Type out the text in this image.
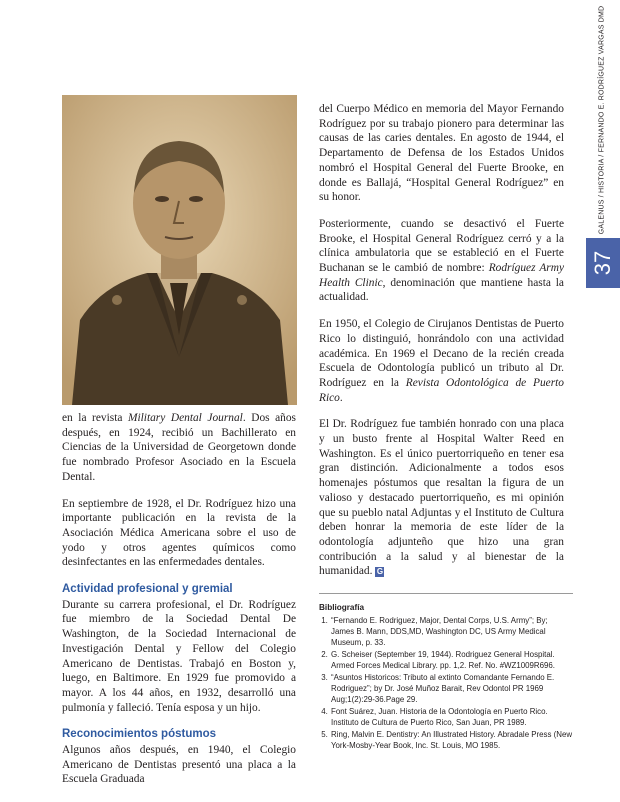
GALENUS / HISTORIA / FERNANDO E. RODRÍGUEZ VARGAS DMD
37

en la revista Military Dental Journal. Dos años después, en 1924, recibió un Bachillerato en Ciencias de la Universidad de Georgetown donde fue nombrado Profesor Asociado en la Escuela Dental.

En septiembre de 1928, el Dr. Rodríguez hizo una importante publicación en la revista de la Asociación Médica Americana sobre el uso de yodo y otros agentes químicos como desinfectantes en las enfermedades dentales.

Actividad profesional y gremial

Durante su carrera profesional, el Dr. Rodríguez fue miembro de la Sociedad Dental De Washington, de la Sociedad Internacional de Investigación Dental y Fellow del Colegio Americano de Dentistas. Trabajó en Boston y, luego, en Baltimore. En 1929 fue promovido a mayor. A los 44 años, en 1932, desarrolló una pulmonía y falleció. Tenía esposa y un hijo.

Reconocimientos póstumos

Algunos años después, en 1940, el Colegio Americano de Dentistas presentó una placa a la Escuela Graduada

del Cuerpo Médico en memoria del Mayor Fernando Rodríguez por su trabajo pionero para determinar las causas de las caries dentales. En agosto de 1944, el Departamento de Defensa de los Estados Unidos nombró el Hospital General del Fuerte Brooke, en donde es Ballajá, “Hospital General Rodríguez” en su honor.

Posteriormente, cuando se desactivó el Fuerte Brooke, el Hospital General Rodríguez cerró y a la clínica ambulatoria que se estableció en el Fuerte Buchanan se le cambió de nombre: Rodríguez Army Health Clinic, denominación que mantiene hasta la actualidad.

En 1950, el Colegio de Cirujanos Dentistas de Puerto Rico lo distinguió, honrándolo con una actividad académica. En 1969 el Decano de la recién creada Escuela de Odontología publicó un tributo al Dr. Rodríguez en la Revista Odontológica de Puerto Rico.

El Dr. Rodríguez fue también honrado con una placa y un busto frente al Hospital Walter Reed en Washington. Es el único puertorriqueño en tener esa gran distinción. Adicionalmente a todos esos homenajes póstumos que resaltan la figura de un valioso y destacado puertorriqueño, es mi opinión que su pueblo natal Adjuntas y el Instituto de Cultura deben honrar la memoria de este líder de la odontología adjunteño que hizo una gran contribución a la salud y al bienestar de la humanidad. G

Bibliografía
1. “Fernando E. Rodriguez, Major, Dental Corps, U.S. Army”; By; James B. Mann, DDS,MD, Washington DC, US Army Medical Museum, p. 33.
2. G. Scheiser (September 19, 1944). Rodriguez General Hospital. Armed Forces Medical Library. pp. 1,2. Ref. No. #WZ1009R696.
3. “Asuntos Historicos: Tributo al extinto Comandante Fernando E. Rodriguez”; by Dr. José Muñoz Barait, Rev Odontol PR 1969 Aug;1(2):29-36.Page 29.
4. Font Suárez, Juan. Historia de la Odontología en Puerto Rico. Instituto de Cultura de Puerto Rico, San Juan, PR 1989.
5. Ring, Malvin E. Dentistry: An Illustrated History. Abradale Press (New York-Mosby-Year Book, Inc. St. Louis, MO 1985.
